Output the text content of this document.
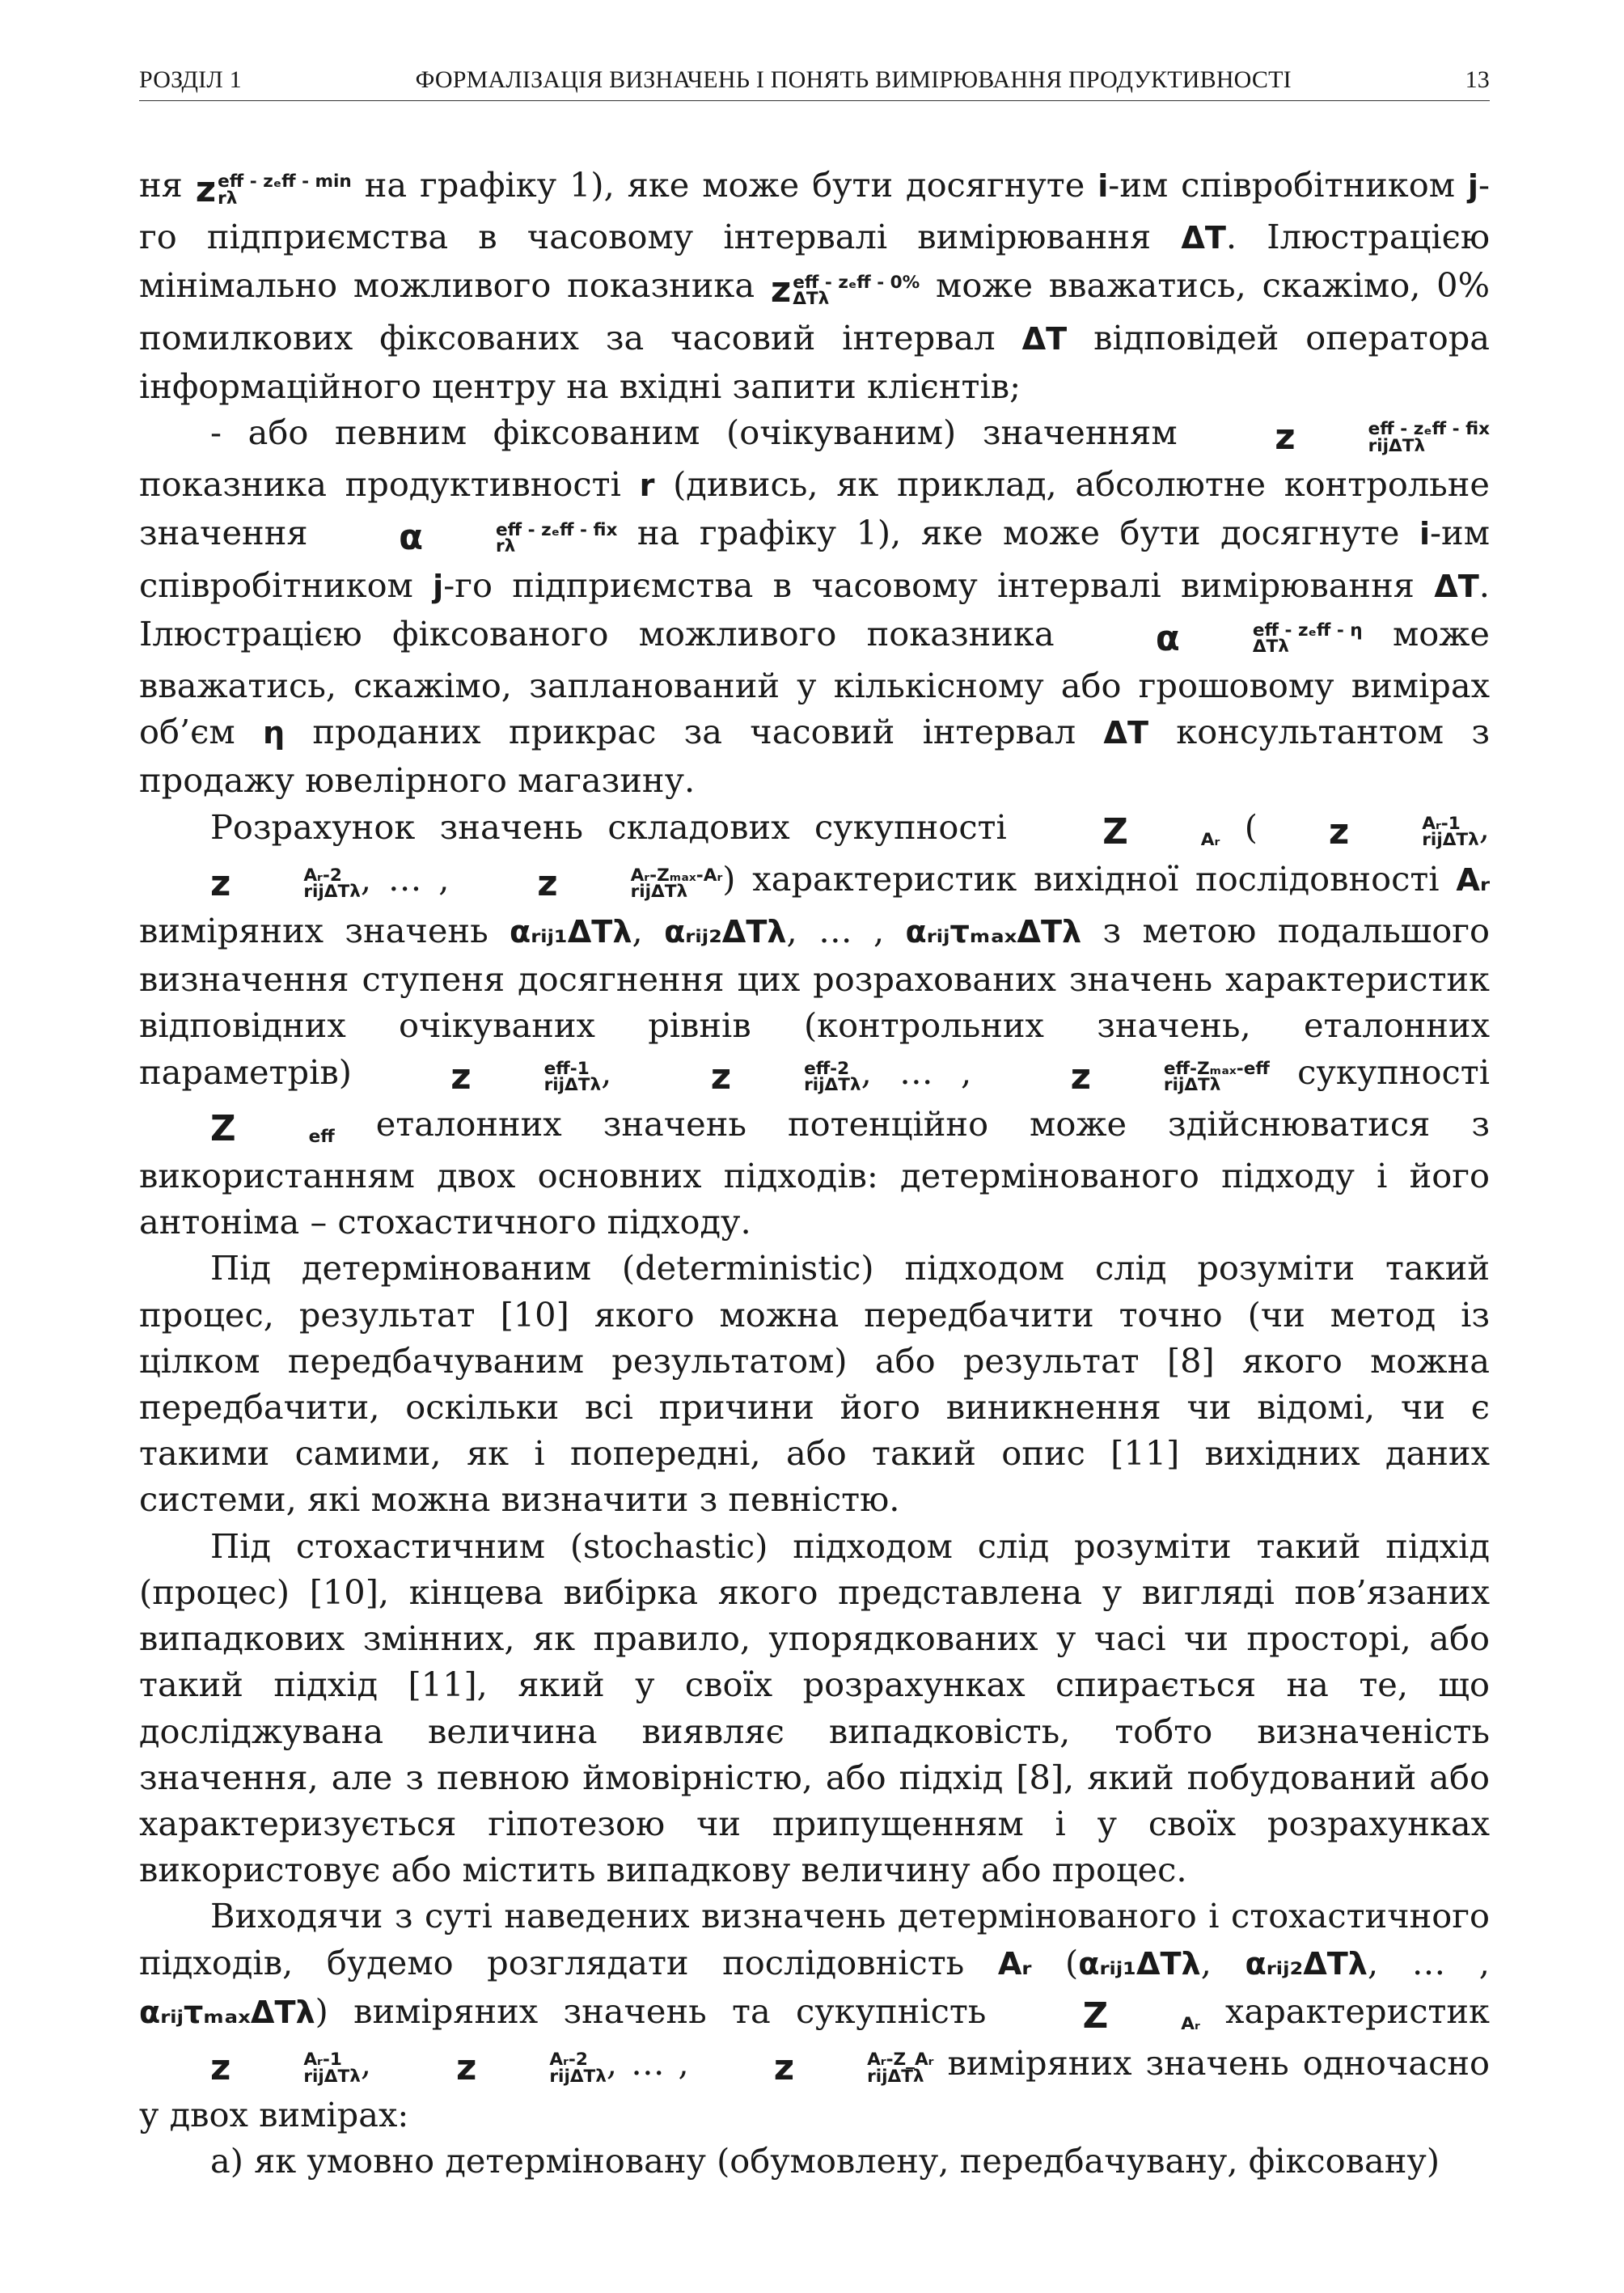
РОЗДІЛ 1	ФОРМАЛІЗАЦІЯ ВИЗНАЧЕНЬ І ПОНЯТЬ ВИМІРЮВАННЯ ПРОДУКТИВНОСТІ	13

ня z eff - zₑff - min
rλ	на графіку 1), яке може бути досягнуте i-им співробітником j-го підприємства в часовому інтервалі вимірювання ΔT. Ілюстрацією мінімально можливого показника z eff - zₑff - 0%
ΔTλ	може вважатись, скажімо, 0% помилкових фіксованих за часовий інтервал ΔT відповідей оператора інформаційного центру на вхідні запити клієнтів;

- або певним фіксованим (очікуваним) значенням	z	eff - zₑff - fix
rijΔTλ
показника продуктивності r (дивись, як приклад, абсолютне контрольне значення	α	eff - zₑff - fix
rλ	на графіку 1), яке може бути досягнуте i-им співробітником j-го підприємства в часовому інтервалі вимірювання ΔT. Ілюстрацією фіксованого можливого показника	α	eff - zₑff - η
ΔTλ	може вважатись, скажімо, запланований у кількісному або грошовому вимірах об’єм η проданих прикрас за часовий інтервал ΔT консультантом з продажу ювелірного магазину.

Розрахунок значень складових сукупності	Z
	Aᵣ (	z	Aᵣ-1
rijΔTλ ,
z	Aᵣ-2
rijΔTλ , … ,	z	Aᵣ-Zₘₐₓ-Aᵣ
rijΔTλ	) характеристик вихідної послідовності Aᵣ виміряних значень αᵣᵢⱼ₁ΔTλ, αᵣᵢⱼ₂ΔTλ, … , αᵣᵢⱼτₘₐₓΔTλ з метою подальшого визначення ступеня досягнення цих розрахованих значень характеристик відповідних очікуваних рівнів (контрольних значень, еталонних параметрів)	z	eff-1
rijΔTλ ,	z	eff-2
rijΔTλ , … ,	z	eff-Zₘₐₓ-eff
rijΔTλ	сукупності
Z
	eff еталонних значень потенційно може здійснюватися з використанням двох основних підходів: детермінованого підходу і його антоніма – стохастичного підходу.

Під детермінованим (deterministic) підходом слід розуміти такий процес, результат [10] якого можна передбачити точно (чи метод із цілком передбачуваним результатом) або результат [8] якого можна передбачити, оскільки всі причини його виникнення чи відомі, чи є такими самими, як і попередні, або такий опис [11] вихідних даних системи, які можна визначити з певністю.

Під стохастичним (stochastic) підходом слід розуміти такий підхід (процес) [10], кінцева вибірка якого представлена у вигляді пов’язаних випадкових змінних, як правило, упорядкованих у часі чи просторі, або такий підхід [11], який у своїх розрахунках спирається на те, що досліджувана величина виявляє випадковість, тобто визначеність значення, але з певною ймовірністю, або підхід [8], який побудований або характеризується гіпотезою чи припущенням і у своїх розрахунках використовує або містить випадкову величину або процес.

Виходячи з суті наведених визначень детермінованого і стохастичного підходів, будемо розглядати послідовність Aᵣ (αᵣᵢⱼ₁ΔTλ, αᵣᵢⱼ₂ΔTλ, … , αᵣᵢⱼτₘₐₓΔTλ) виміряних значень та сукупність	Z
	Aᵣ характеристик
z	Aᵣ-1
rijΔTλ ,	z	Aᵣ-2
rijΔTλ , … ,	z	Aᵣ-Z_Aᵣ
rijΔTλ виміряних значень одночасно у двох вимірах:

а) як умовно детерміновану (обумовлену, передбачувану, фіксовану)
